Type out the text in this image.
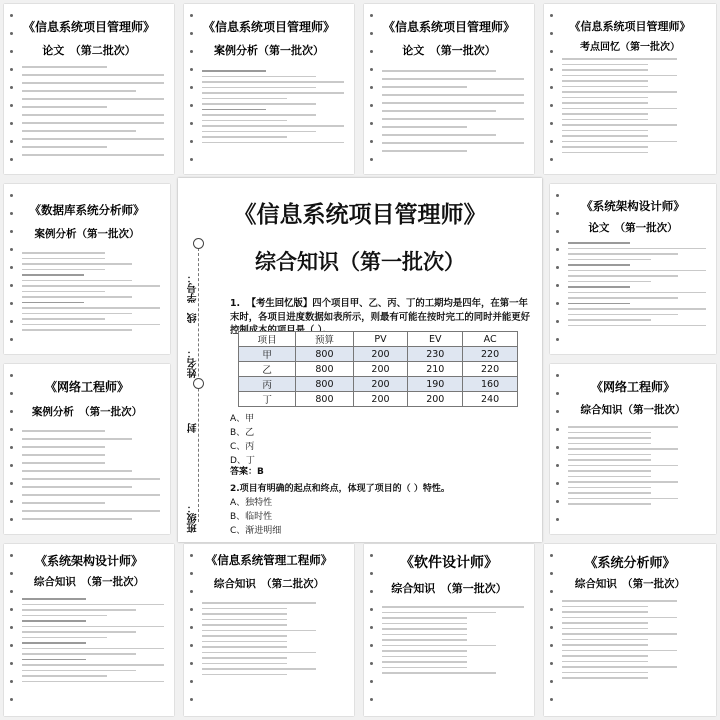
《信息系统项目管理师》
论文　（第二批次）
《信息系统项目管理师》
案例分析（第一批次）
《信息系统项目管理师》
论文　（第一批次）
《信息系统项目管理师》
考点回忆（第一批次）
《数据库系统分析师》
案例分析（第一批次）
《网络工程师》
案例分析　（第一批次）
《系统架构设计师》
论文　（第一批次）
《网络工程师》
综合知识（第一批次）
《系统架构设计师》
综合知识　（第一批次）
《信息系统管理工程师》
综合知识　（第二批次）
《软件设计师》
综合知识　（第一批次）
《系统分析师》
综合知识　（第一批次）
学号：
线
姓名：
封
班级：
《信息系统项目管理师》
综合知识（第一批次）
1. 【考生回忆版】四个项目甲、乙、丙、丁的工期均是四年，在第一年末时，各项目进度数据如表所示，则最有可能在按时完工的同时并能更好控制成本的项目是（ ）。
项目	预算	PV	EV	AC
甲	800	200	230	220
乙	800	200	210	220
丙	800	200	190	160
丁	800	200	200	240
A、甲
B、乙
C、丙
D、丁
答案：B
2.项目有明确的起点和终点，体现了项目的（ ）特性。
A、独特性
B、临时性
C、渐进明细
